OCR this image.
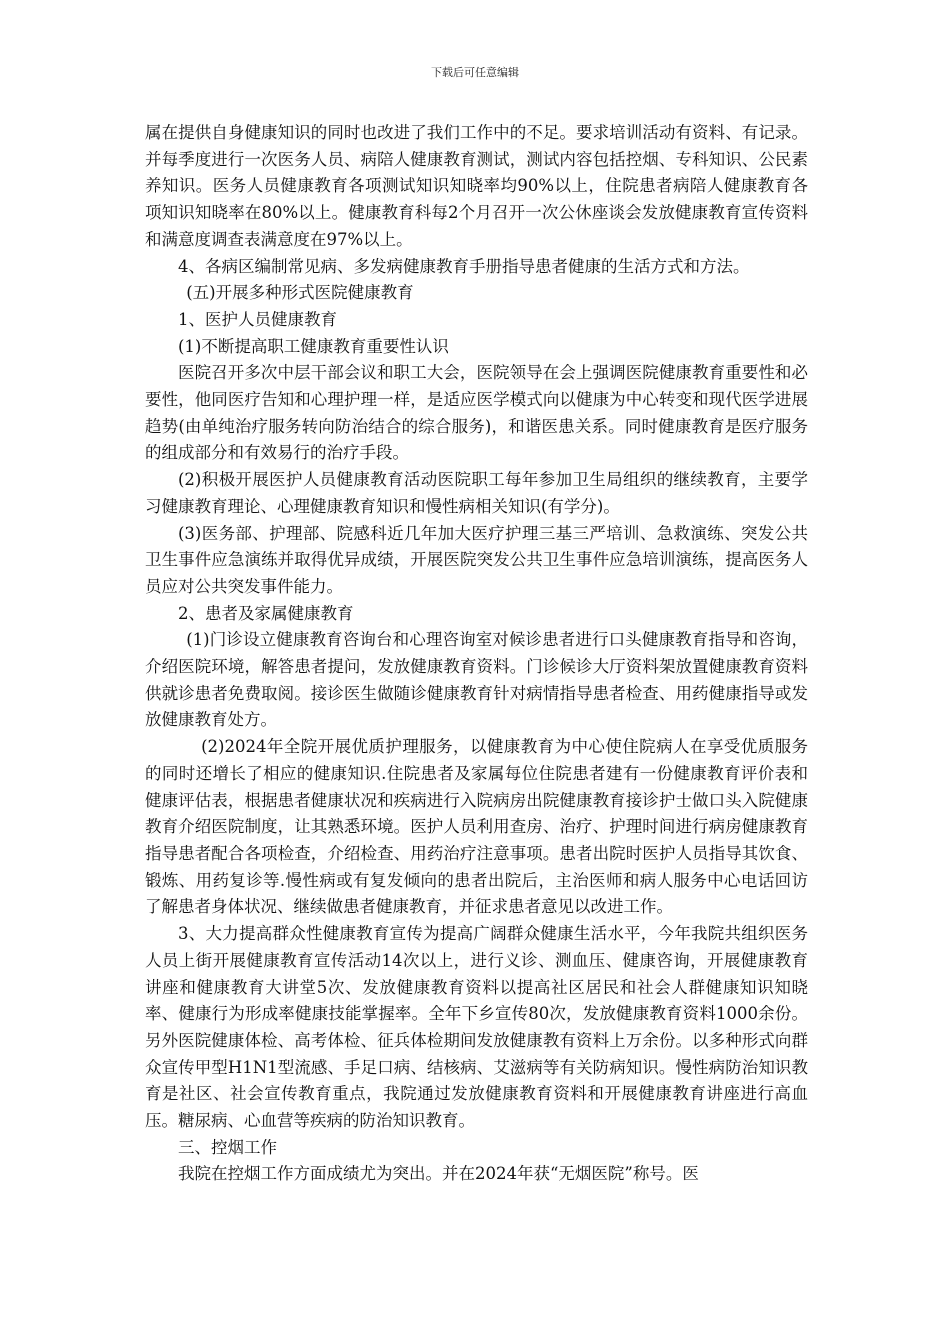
下载后可任意编辑

属在提供自身健康知识的同时也改进了我们工作中的不足。要求培训活动有资料、有记录。并每季度进行一次医务人员、病陪人健康教育测试，测试内容包括控烟、专科知识、公民素养知识。医务人员健康教育各项测试知识知晓率均90%以上，住院患者病陪人健康教育各项知识知晓率在80%以上。健康教育科每2个月召开一次公休座谈会发放健康教育宣传资料和满意度调查表满意度在97%以上。

4、各病区编制常见病、多发病健康教育手册指导患者健康的生活方式和方法。

(五)开展多种形式医院健康教育

1、医护人员健康教育

(1)不断提高职工健康教育重要性认识

医院召开多次中层干部会议和职工大会，医院领导在会上强调医院健康教育重要性和必要性，他同医疗告知和心理护理一样，是适应医学模式向以健康为中心转变和现代医学进展趋势(由单纯治疗服务转向防治结合的综合服务)，和谐医患关系。同时健康教育是医疗服务的组成部分和有效易行的治疗手段。

(2)积极开展医护人员健康教育活动医院职工每年参加卫生局组织的继续教育，主要学习健康教育理论、心理健康教育知识和慢性病相关知识(有学分)。

(3)医务部、护理部、院感科近几年加大医疗护理三基三严培训、急救演练、突发公共卫生事件应急演练并取得优异成绩，开展医院突发公共卫生事件应急培训演练，提高医务人员应对公共突发事件能力。

2、患者及家属健康教育

(1)门诊设立健康教育咨询台和心理咨询室对候诊患者进行口头健康教育指导和咨询，介绍医院环境，解答患者提问，发放健康教育资料。门诊候诊大厅资料架放置健康教育资料供就诊患者免费取阅。接诊医生做随诊健康教育针对病情指导患者检查、用药健康指导或发放健康教育处方。

(2)2024年全院开展优质护理服务，以健康教育为中心使住院病人在享受优质服务的同时还增长了相应的健康知识.住院患者及家属每位住院患者建有一份健康教育评价表和健康评估表，根据患者健康状况和疾病进行入院病房出院健康教育接诊护士做口头入院健康教育介绍医院制度，让其熟悉环境。医护人员利用查房、治疗、护理时间进行病房健康教育指导患者配合各项检查，介绍检查、用药治疗注意事项。患者出院时医护人员指导其饮食、锻炼、用药复诊等.慢性病或有复发倾向的患者出院后，主治医师和病人服务中心电话回访了解患者身体状况、继续做患者健康教育，并征求患者意见以改进工作。

3、大力提高群众性健康教育宣传为提高广阔群众健康生活水平，今年我院共组织医务人员上街开展健康教育宣传活动14次以上，进行义诊、测血压、健康咨询，开展健康教育讲座和健康教育大讲堂5次、发放健康教育资料以提高社区居民和社会人群健康知识知晓率、健康行为形成率健康技能掌握率。全年下乡宣传80次，发放健康教育资料1000余份。另外医院健康体检、高考体检、征兵体检期间发放健康教有资料上万余份。以多种形式向群众宣传甲型H1N1型流感、手足口病、结核病、艾滋病等有关防病知识。慢性病防治知识教育是社区、社会宣传教育重点，我院通过发放健康教育资料和开展健康教育讲座进行高血压。糖尿病、心血营等疾病的防治知识教育。

三、控烟工作

我院在控烟工作方面成绩尤为突出。并在2024年获“无烟医院”称号。医
